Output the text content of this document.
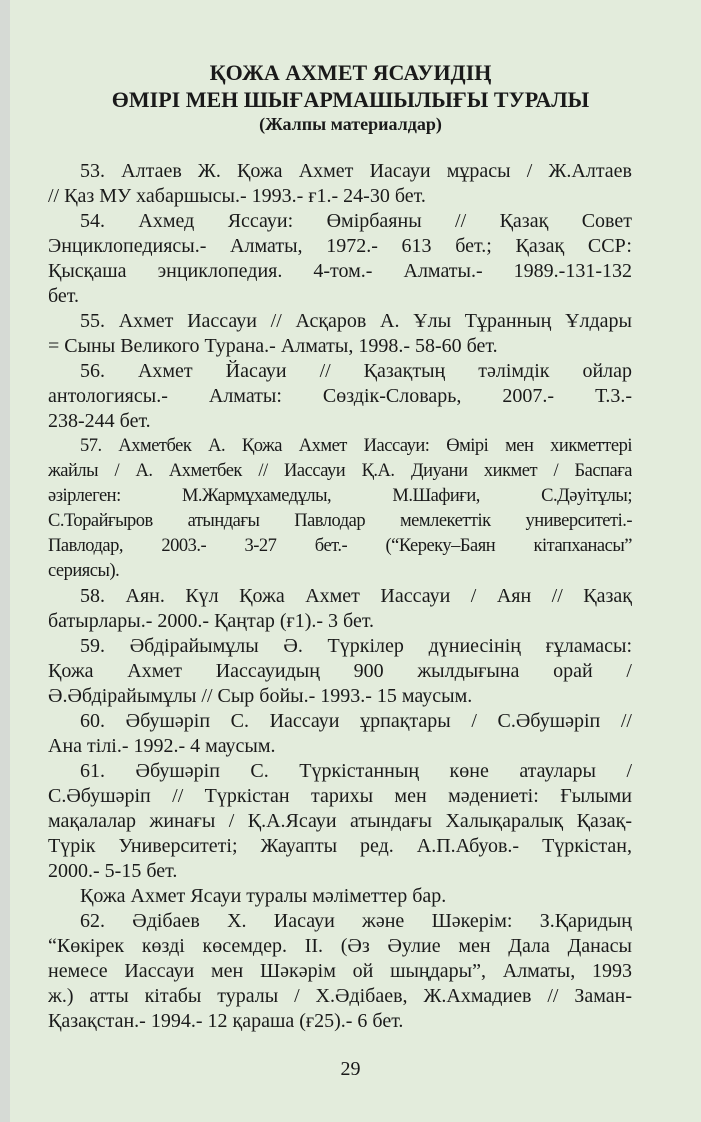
ҚОЖА АХМЕТ ЯСАУИДІҢ
ӨМІРІ МЕН ШЫҒАРМАШЫЛЫҒЫ ТУРАЛЫ
(Жалпы материалдар)
53. Алтаев Ж. Қожа Ахмет Иасауи мұрасы / Ж.Алтаев
// Қаз МУ хабаршысы.- 1993.- ғ1.- 24-30 бет.
54. Ахмед Яссауи: Өмірбаяны // Қазақ Совет
Энциклопедиясы.- Алматы, 1972.- 613 бет.; Қазақ ССР:
Қысқаша энциклопедия. 4-том.- Алматы.- 1989.-131-132
бет.
55. Ахмет Иассауи // Асқаров А. Ұлы Тұранның Ұлдары
= Сыны Великого Турана.- Алматы, 1998.- 58-60 бет.
56. Ахмет Йасауи // Қазақтың тәлімдік ойлар
антологиясы.- Алматы: Сөздік-Словарь, 2007.- Т.3.-
238-244 бет.
57. Ахметбек А. Қожа Ахмет Иассауи: Өмірі мен хикметтері
жайлы / А. Ахметбек // Иассауи Қ.А. Диуани хикмет / Баспаға
әзірлеген: М.Жармұхамедұлы, М.Шафиғи, С.Дәуітұлы;
С.Торайғыров атындағы Павлодар мемлекеттік университеті.-
Павлодар, 2003.- 3-27 бет.- (“Кереку–Баян кітапханасы”
сериясы).
58. Аян. Күл Қожа Ахмет Иассауи / Аян // Қазақ
батырлары.- 2000.- Қаңтар (ғ1).- 3 бет.
59. Әбдірайымұлы Ә. Түркілер дүниесінің ғұламасы:
Қожа Ахмет Иассауидың 900 жылдығына орай /
Ә.Әбдірайымұлы // Сыр бойы.- 1993.- 15 маусым.
60. Әбушәріп С. Иассауи ұрпақтары / С.Әбушәріп //
Ана тілі.- 1992.- 4 маусым.
61. Әбушәріп С. Түркістанның көне атаулары /
С.Әбушәріп // Түркістан тарихы мен мәдениеті: Ғылыми
мақалалар жинағы / Қ.А.Ясауи атындағы Халықаралық Қазақ-
Түрік Университеті; Жауапты ред. А.П.Абуов.- Түркістан,
2000.- 5-15 бет.
Қожа Ахмет Ясауи туралы мәліметтер бар.
62. Әдібаев Х. Иасауи және Шәкерім: З.Қаридың
“Көкірек көзді көсемдер. II. (Әз Әулие мен Дала Данасы
немесе Иассауи мен Шәкәрім ой шыңдары”, Алматы, 1993
ж.) атты кітабы туралы / Х.Әдібаев, Ж.Ахмадиев // Заман-
Қазақстан.- 1994.- 12 қараша (ғ25).- 6 бет.
29
